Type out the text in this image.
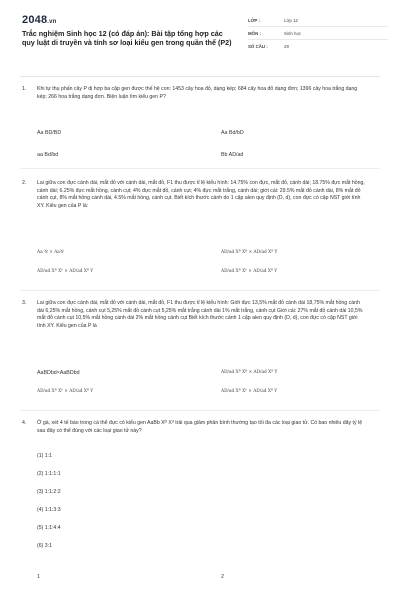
2048.vn
Trắc nghiệm Sinh học 12 (có đáp án): Bài tập tổng hợp các quy luật di truyền và tính sơ loại kiểu gen trong quần thể (P2)
LỚP :	Lớp 12
MÔN :	Sinh học
SỐ CÂU :	29
1.	Khi tự thụ phấn cây P dị hợp ba cặp gen được thế hệ con: 1453 cây hoa đỏ, dạng kép; 684 cây hoa đỏ dạng đơn; 1396 cây hoa trắng dạng kép; 266 hoa trắng dạng đơn. Biện luận tìm kiểu gen P?
Aa BD/BD	Aa Bd/bD
aa Bd/bd	Bb AD/ad
2.	Lai giữa con đực cánh dài, mắt đỏ với cánh dài, mắt đỏ, F1 thu được tỉ lệ kiểu hình: 14.75% con đực, mắt đỏ, cánh dài; 18.75% đực mắt hồng, cánh dài; 6.25% đực mắt hồng, cánh cụt; 4% đực mắt đỏ, cánh cụt; 4% đực mắt trắng, cánh dài; giới cái: 29.5% mắt đỏ cánh dài, 8% mắt đỏ cánh cụt, 8% mắt hồng cánh dài, 4.5% mắt hồng, cánh cụt. Biết kích thước cánh do 1 cặp alen quy định (D, d), con đực có cặp NST giới tính XY. Kiểu gen của P là:
Aa ⅋ × Aa⅋	AD/ad Xᴮ Xᴮ × AD/ad Xᴮ Y
AD/ad Xᴮ Xᵇ × AD/ad Xᴮ Y	AD/ad Xᴮ Xᵇ × AD/ad Xᴮ Y
3.	Lai giữa con đực cánh dài, mắt đỏ với cánh dài, mắt đỏ, F1 thu được tỉ lệ kiểu hình: Giới đực 13,5% mắt đỏ cánh dài 18,75% mắt hồng cánh dài 6,25% mắt hồng, cánh cụt 5,25% mắt đỏ cánh cụt 5,25% mắt trắng cánh dài 1% mắt trắng, cánh cụt Giới cái: 27% mắt đỏ cánh dài 10,5% mắt đỏ cánh cụt 10,5% mắt hồng cánh dài 2% mắt hồng cánh cụt Biết kích thước cánh 1 cặp alen quy định (D, d), con đực có cặp NST giới tính XY. Kiểu gen của P là
AaBDbd×AaBDbd	AD/ad Xᴮ Xᴮ × AD/ad Xᴮ Y
AD/ad Xᴮ Xᵇ × AD/ad Xᴮ Y	AD/ad Xᴮ Xᵇ × AD/ad Xᴮ Y
4.	Ở gà, xét 4 tế bào trong cá thể đực có kiểu gen AaBb Xᴰ Xᵈ trải qua giảm phân bình thường tạo tối đa các loại giao tử. Có bao nhiêu dãy tỷ lệ sau đây có thể đúng với các loại giao tử này?
(1) 1:1
(2) 1:1:1:1
(3) 1:1:2:2
(4) 1:1:3:3
(5) 1:1:4:4
(6) 3:1
1	2
